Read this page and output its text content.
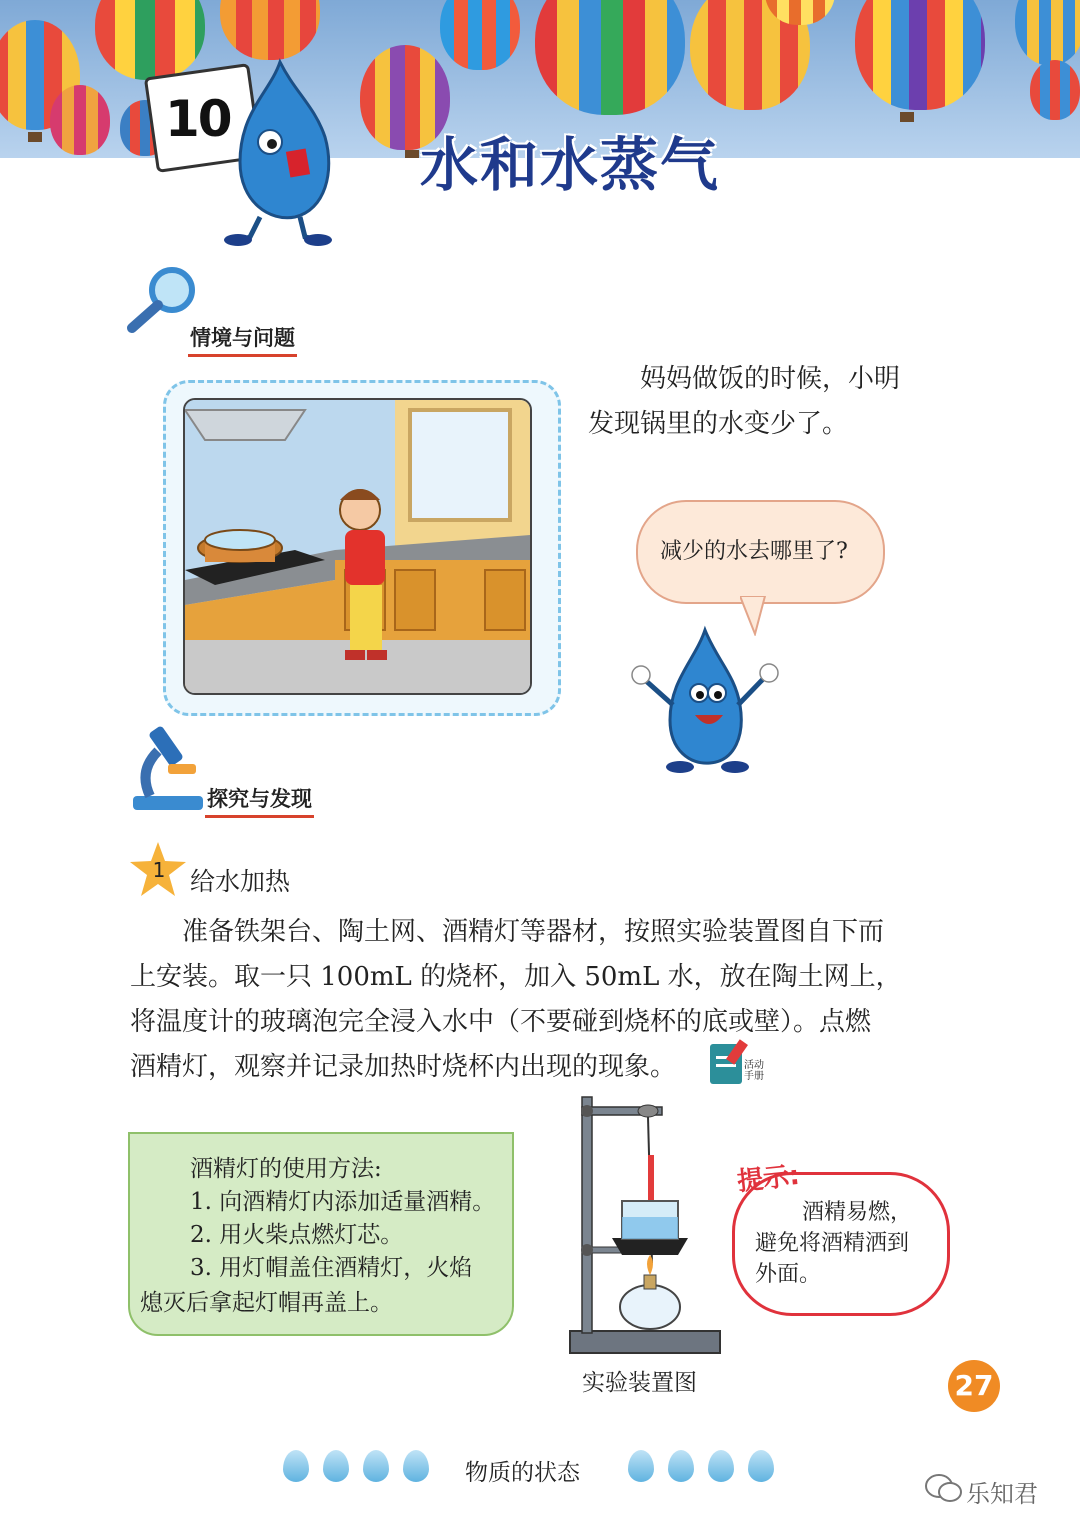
10
水和水蒸气
情境与问题
妈妈做饭的时候，小明
发现锅里的水变少了。
减少的水去哪里了?
探究与发现
1 给水加热
准备铁架台、陶土网、酒精灯等器材，按照实验装置图自下而
上安装。取一只 100mL 的烧杯，加入 50mL 水，放在陶土网上，
将温度计的玻璃泡完全浸入水中（不要碰到烧杯的底或壁）。点燃
酒精灯，观察并记录加热时烧杯内出现的现象。	活动
手册
酒精灯的使用方法:
1. 向酒精灯内添加适量酒精。
2. 用火柴点燃灯芯。
3. 用灯帽盖住酒精灯，火焰
熄灭后拿起灯帽再盖上。
实验装置图
提示:
酒精易燃，
避免将酒精洒到
外面。
27
物质的状态
乐知君
